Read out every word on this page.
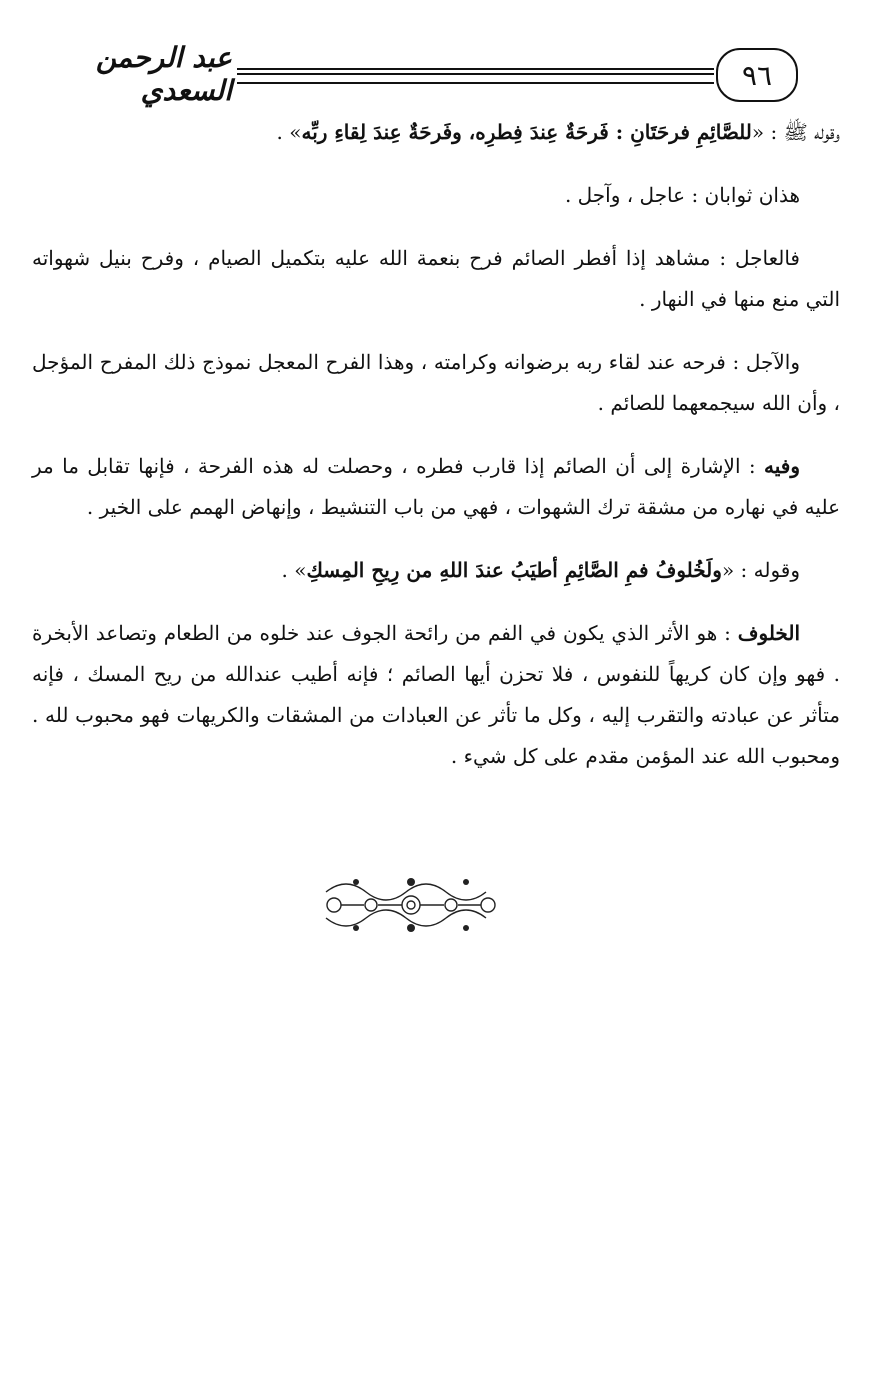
٩٦
عبد الرحمن السعدي

وقوله ﷺ : «للصَّائِمِ فرحَتَانِ : فَرحَةٌ عِندَ فِطرِه، وفَرحَةٌ عِندَ لِقاءِ ربِّه» .

هذان ثوابان : عاجل ، وآجل .

فالعاجل : مشاهد إذا أفطر الصائم فرح بنعمة الله عليه بتكميل الصيام ، وفرح بنيل شهواته التي منع منها في النهار .

والآجل : فرحه عند لقاء ربه برضوانه وكرامته ، وهذا الفرح المعجل نموذج ذلك المفرح المؤجل ، وأن الله سيجمعهما للصائم .

وفيه : الإشارة إلى أن الصائم إذا قارب فطره ، وحصلت له هذه الفرحة ، فإنها تقابل ما مر عليه في نهاره من مشقة ترك الشهوات ، فهي من باب التنشيط ، وإنهاض الهمم على الخير .

وقوله : «ولَخُلوفُ فمِ الصَّائِمِ أطيَبُ عندَ اللهِ من رِيحِ المِسكِ» .

الخلوف : هو الأثر الذي يكون في الفم من رائحة الجوف عند خلوه من الطعام وتصاعد الأبخرة . فهو وإن كان كريهاً للنفوس ، فلا تحزن أيها الصائم ؛ فإنه أطيب عندالله من ريح المسك ، فإنه متأثر عن عبادته والتقرب إليه ، وكل ما تأثر عن العبادات من المشقات والكريهات فهو محبوب لله . ومحبوب الله عند المؤمن مقدم على كل شيء .
